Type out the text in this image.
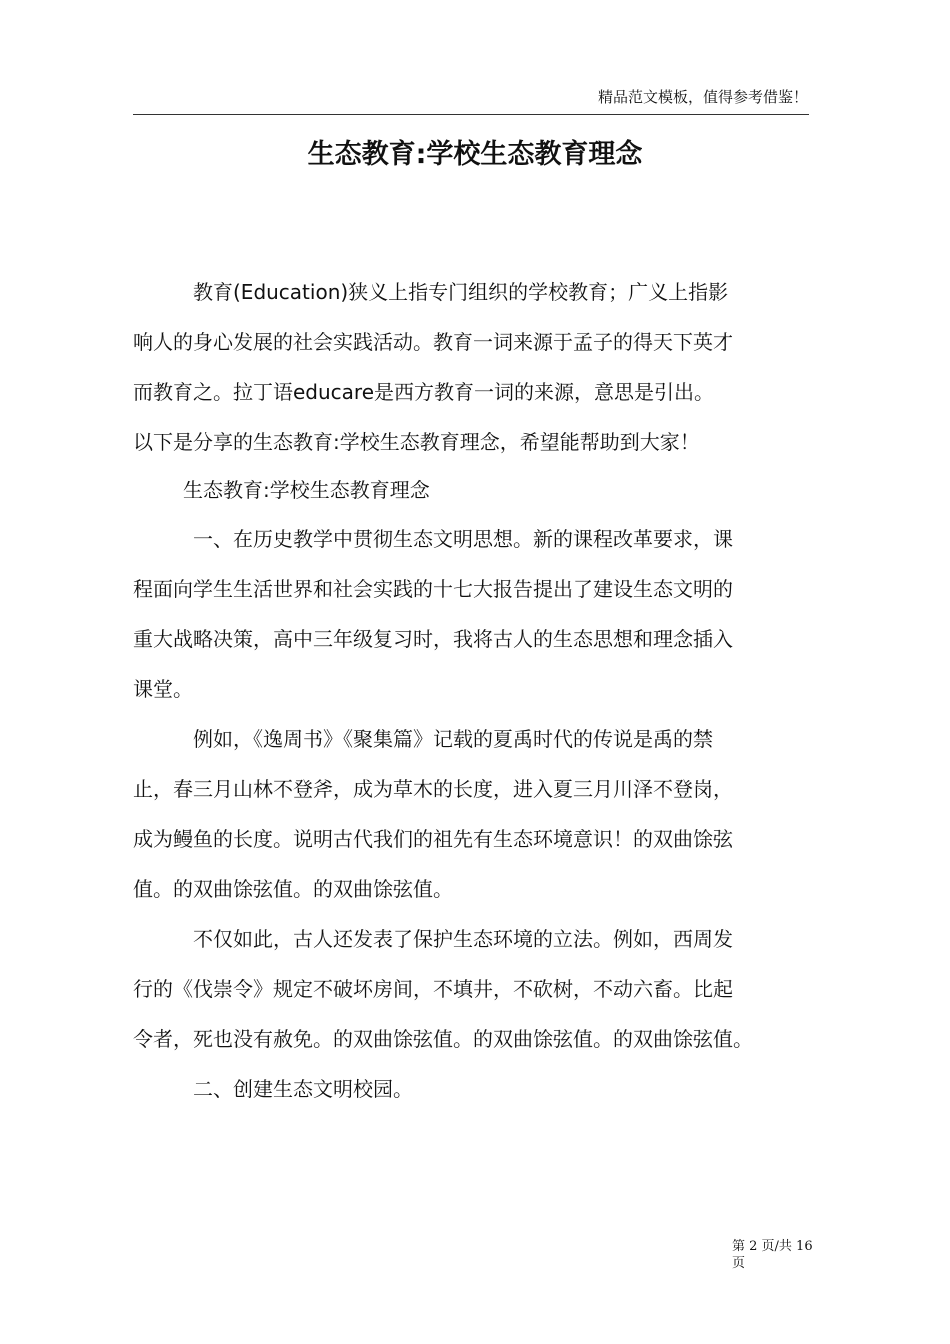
精品范文模板，值得参考借鉴！
生态教育:学校生态教育理念
教育(Education)狭义上指专门组织的学校教育；广义上指影
响人的身心发展的社会实践活动。教育一词来源于孟子的得天下英才
而教育之。拉丁语educare是西方教育一词的来源，意思是引出。
以下是分享的生态教育:学校生态教育理念，希望能帮助到大家！
生态教育:学校生态教育理念
一、在历史教学中贯彻生态文明思想。新的课程改革要求，课
程面向学生生活世界和社会实践的十七大报告提出了建设生态文明的
重大战略决策，高中三年级复习时，我将古人的生态思想和理念插入
课堂。
例如，《逸周书》《聚集篇》记载的夏禹时代的传说是禹的禁
止，春三月山林不登斧，成为草木的长度，进入夏三月川泽不登岗，
成为鳗鱼的长度。说明古代我们的祖先有生态环境意识！的双曲馀弦
值。的双曲馀弦值。的双曲馀弦值。
不仅如此，古人还发表了保护生态环境的立法。例如，西周发
行的《伐崇令》规定不破坏房间，不填井，不砍树，不动六畜。比起
令者，死也没有赦免。的双曲馀弦值。的双曲馀弦值。的双曲馀弦值。
二、创建生态文明校园。
第 2 页/共 16
页
